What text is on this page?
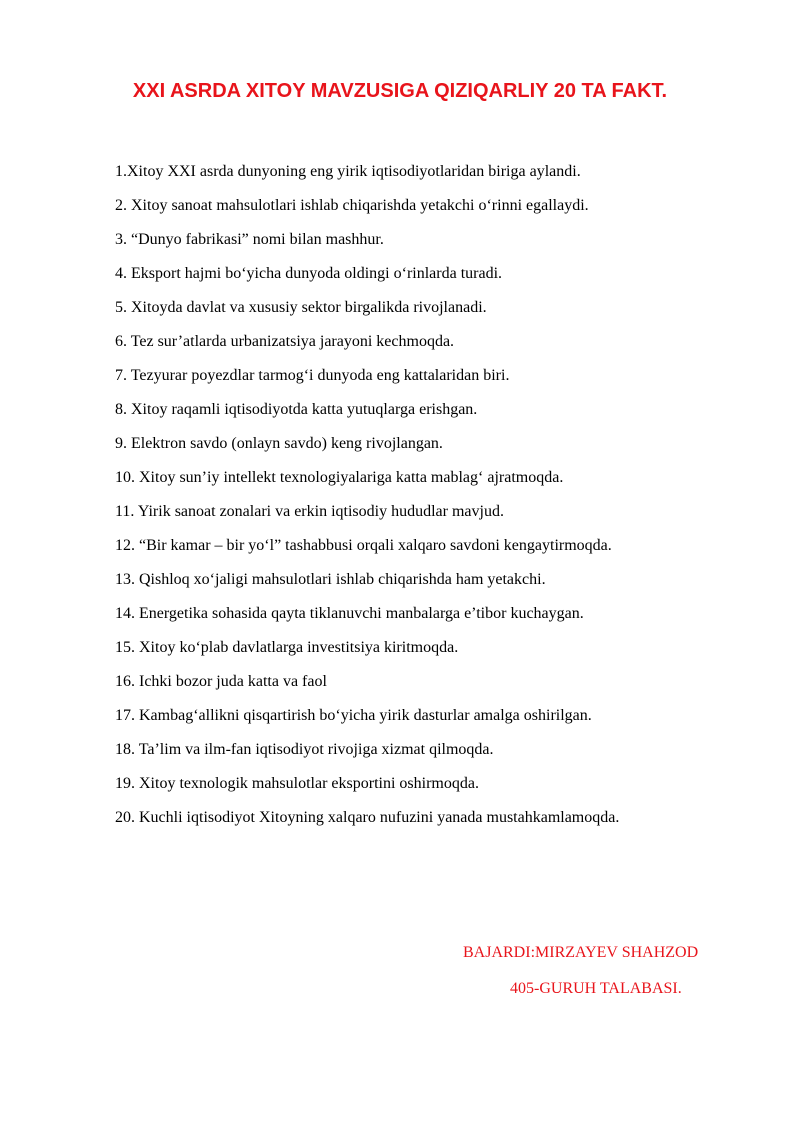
XXI ASRDA XITOY MAVZUSIGA QIZIQARLIY 20 TA FAKT.
1.Xitoy XXI asrda dunyoning eng yirik iqtisodiyotlaridan biriga aylandi.
2. Xitoy sanoat mahsulotlari ishlab chiqarishda yetakchi o‘rinni egallaydi.
3. “Dunyo fabrikasi” nomi bilan mashhur.
4. Eksport hajmi bo‘yicha dunyoda oldingi o‘rinlarda turadi.
5. Xitoyda davlat va xususiy sektor birgalikda rivojlanadi.
6. Tez sur’atlarda urbanizatsiya jarayoni kechmoqda.
7. Tezyurar poyezdlar tarmog‘i dunyoda eng kattalaridan biri.
8. Xitoy raqamli iqtisodiyotda katta yutuqlarga erishgan.
9. Elektron savdo (onlayn savdo) keng rivojlangan.
10. Xitoy sun’iy intellekt texnologiyalariga katta mablag‘ ajratmoqda.
11. Yirik sanoat zonalari va erkin iqtisodiy hududlar mavjud.
12. “Bir kamar – bir yo‘l” tashabbusi orqali xalqaro savdoni kengaytirmoqda.
13. Qishloq xo‘jaligi mahsulotlari ishlab chiqarishda ham yetakchi.
14. Energetika sohasida qayta tiklanuvchi manbalarga e’tibor kuchaygan.
15. Xitoy ko‘plab davlatlarga investitsiya kiritmoqda.
16. Ichki bozor juda katta va faol
17. Kambag‘allikni qisqartirish bo‘yicha yirik dasturlar amalga oshirilgan.
18. Ta’lim va ilm-fan iqtisodiyot rivojiga xizmat qilmoqda.
19. Xitoy texnologik mahsulotlar eksportini oshirmoqda.
20. Kuchli iqtisodiyot Xitoyning xalqaro nufuzini yanada mustahkamlamoqda.
BAJARDI:MIRZAYEV SHAHZOD
405-GURUH TALABASI.
